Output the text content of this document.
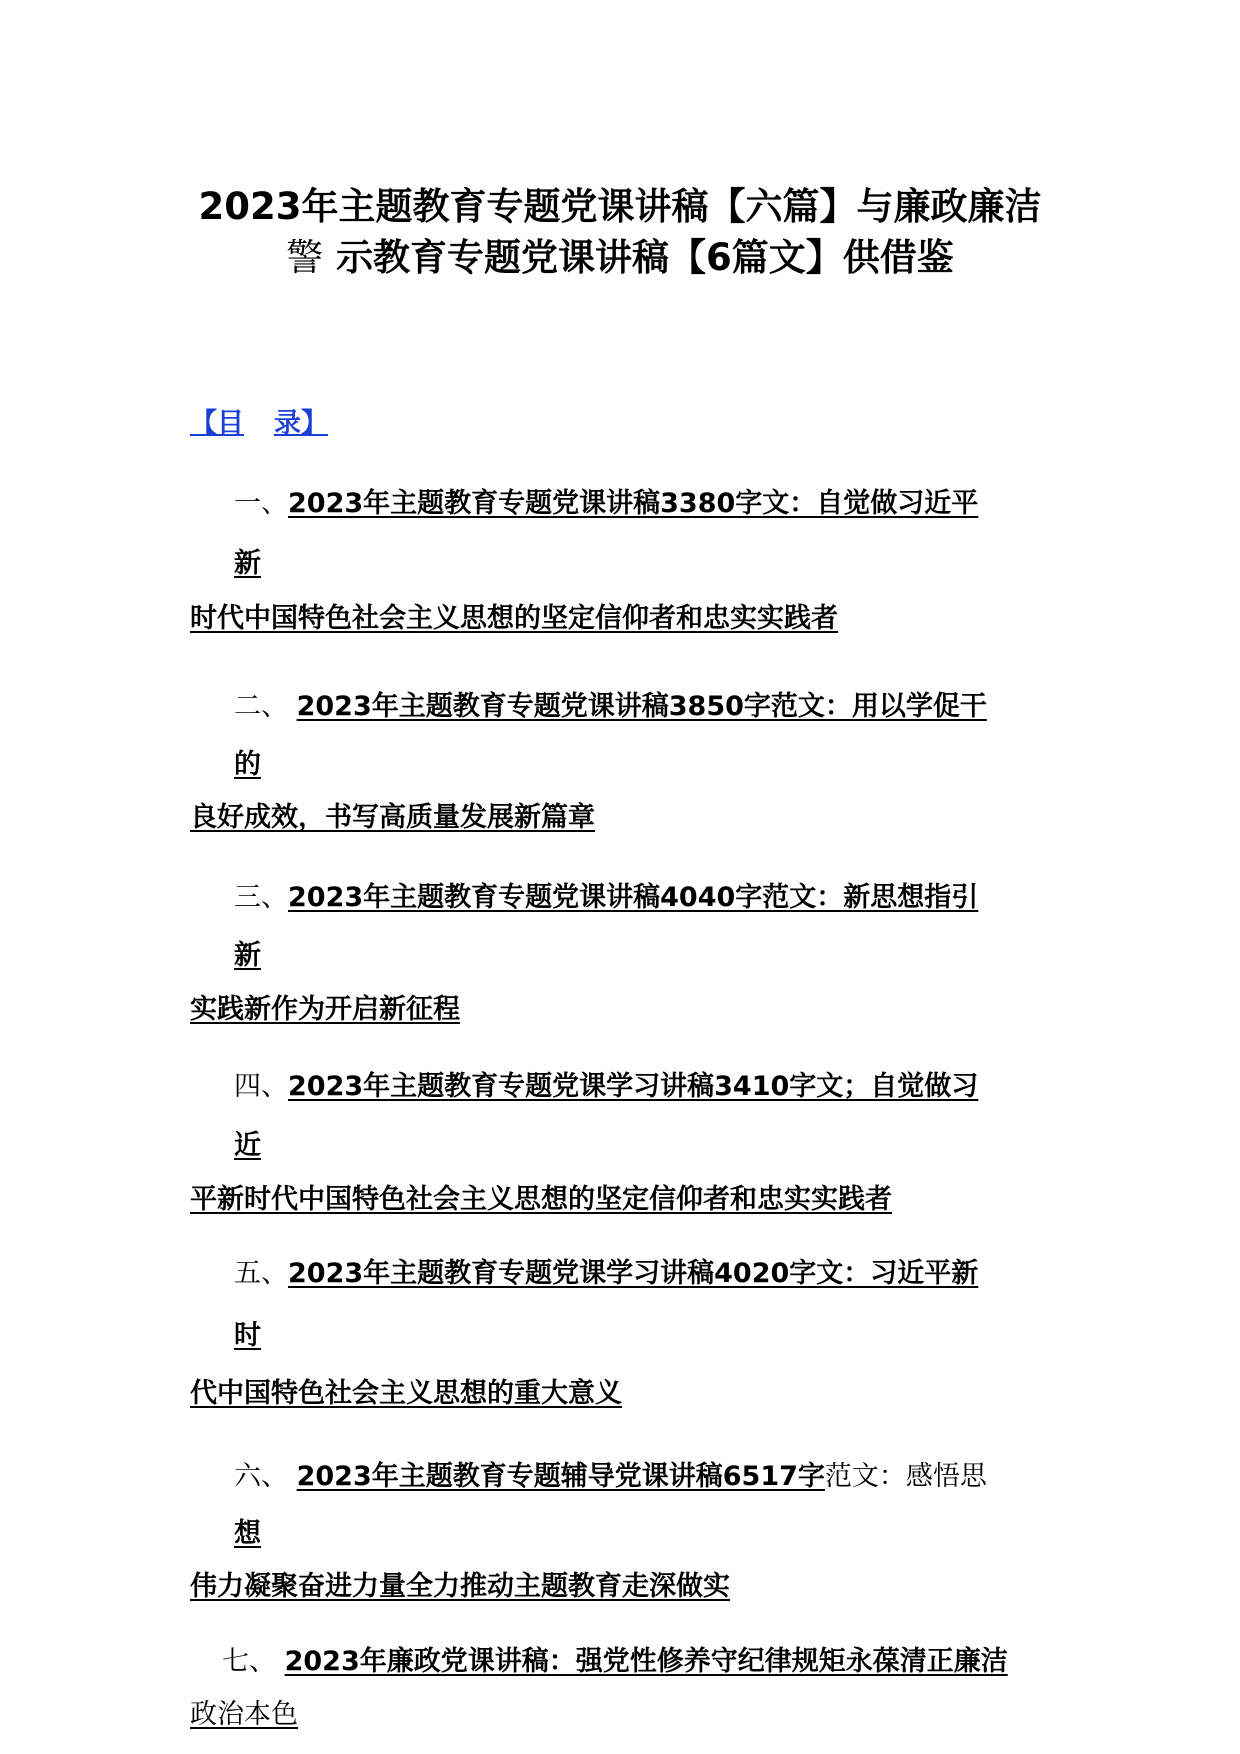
2023年主题教育专题党课讲稿【六篇】与廉政廉洁
警 示教育专题党课讲稿【6篇文】供借鉴
【目 录】
一、2023年主题教育专题党课讲稿3380字文：自觉做习近平
新
时代中国特色社会主义思想的坚定信仰者和忠实实践者
二、 2023年主题教育专题党课讲稿3850字范文：用以学促干
的
良好成效，书写高质量发展新篇章
三、2023年主题教育专题党课讲稿4040字范文：新思想指引
新
实践新作为开启新征程
四、2023年主题教育专题党课学习讲稿3410字文；自觉做习
近
平新时代中国特色社会主义思想的坚定信仰者和忠实实践者
五、2023年主题教育专题党课学习讲稿4020字文：习近平新
时
代中国特色社会主义思想的重大意义
六、 2023年主题教育专题辅导党课讲稿6517字范文：感悟思
想
伟力凝聚奋进力量全力推动主题教育走深做实
七、 2023年廉政党课讲稿：强党性修养守纪律规矩永葆清正廉洁
政治本色
